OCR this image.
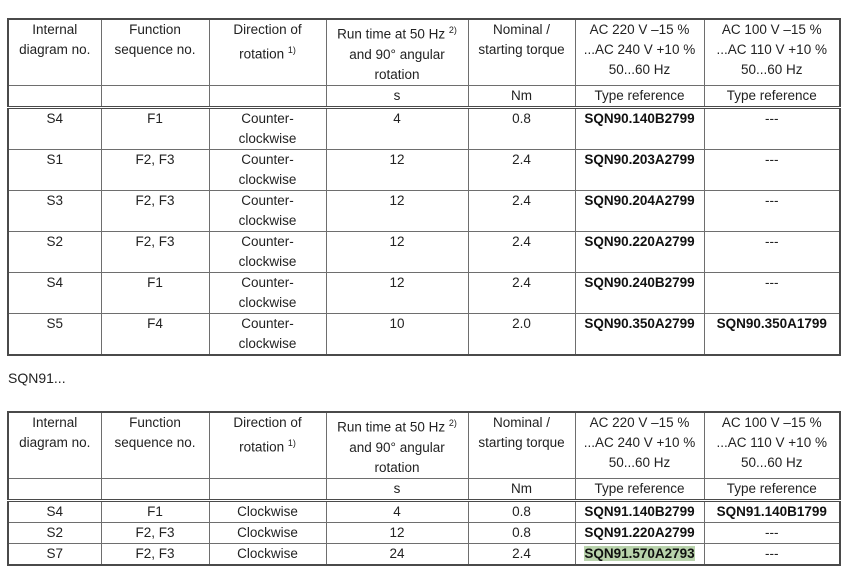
Internal
diagram no.	Function
sequence no.	Direction of
rotation $^{1)}$	Run time at 50 Hz $^{2)}$
and 90° angular
rotation	Nominal /
starting torque	AC 220 V –15 %
...AC 240 V +10 %
50...60 Hz	AC 100 V –15 %
...AC 110 V +10 %
50...60 Hz
			s	Nm	Type reference	Type reference
S4	F1	Counter-
clockwise	4	0.8	SQN90.140B2799	---
S1	F2, F3	Counter-
clockwise	12	2.4	SQN90.203A2799	---
S3	F2, F3	Counter-
clockwise	12	2.4	SQN90.204A2799	---
S2	F2, F3	Counter-
clockwise	12	2.4	SQN90.220A2799	---
S4	F1	Counter-
clockwise	12	2.4	SQN90.240B2799	---
S5	F4	Counter-
clockwise	10	2.0	SQN90.350A2799	SQN90.350A1799
SQN91...
Internal
diagram no.	Function
sequence no.	Direction of
rotation $^{1)}$	Run time at 50 Hz $^{2)}$
and 90° angular
rotation	Nominal /
starting torque	AC 220 V –15 %
...AC 240 V +10 %
50...60 Hz	AC 100 V –15 %
...AC 110 V +10 %
50...60 Hz
			s	Nm	Type reference	Type reference
S4	F1	Clockwise	4	0.8	SQN91.140B2799	SQN91.140B1799
S2	F2, F3	Clockwise	12	0.8	SQN91.220A2799	---
S7	F2, F3	Clockwise	24	2.4	SQN91.570A2793	---
